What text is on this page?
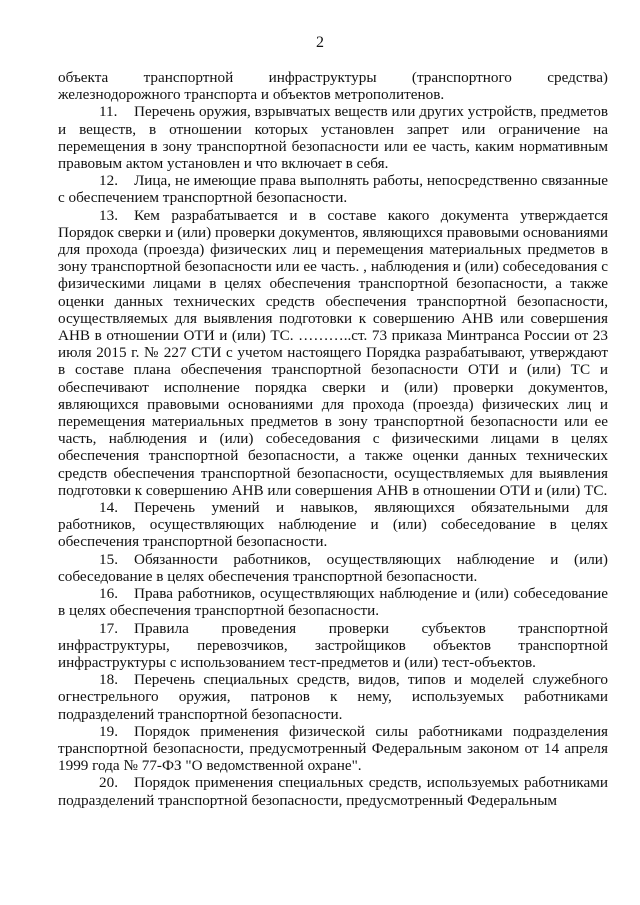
2

объекта транспортной инфраструктуры (транспортного средства) железнодорожного транспорта и объектов метрополитенов.

11. Перечень оружия, взрывчатых веществ или других устройств, предметов и веществ, в отношении которых установлен запрет или ограничение на перемещения в зону транспортной безопасности или ее часть, каким нормативным правовым актом установлен и что включает в себя.

12. Лица, не имеющие права выполнять работы, непосредственно связанные с обеспечением транспортной безопасности.

13. Кем разрабатывается и в составе какого документа утверждается Порядок сверки и (или) проверки документов, являющихся правовыми основаниями для прохода (проезда) физических лиц и перемещения материальных предметов в зону транспортной безопасности или ее часть. , наблюдения и (или) собеседования с физическими лицами в целях обеспечения транспортной безопасности, а также оценки данных технических средств обеспечения транспортной безопасности, осуществляемых для выявления подготовки к совершению АНВ или совершения АНВ в отношении ОТИ и (или) ТС. ………..ст. 73 приказа Минтранса России от 23 июля 2015 г. № 227 СТИ с учетом настоящего Порядка разрабатывают, утверждают в составе плана обеспечения транспортной безопасности ОТИ и (или) ТС и обеспечивают исполнение порядка сверки и (или) проверки документов, являющихся правовыми основаниями для прохода (проезда) физических лиц и перемещения материальных предметов в зону транспортной безопасности или ее часть, наблюдения и (или) собеседования с физическими лицами в целях обеспечения транспортной безопасности, а также оценки данных технических средств обеспечения транспортной безопасности, осуществляемых для выявления подготовки к совершению АНВ или совершения АНВ в отношении ОТИ и (или) ТС.

14. Перечень умений и навыков, являющихся обязательными для работников, осуществляющих наблюдение и (или) собеседование в целях обеспечения транспортной безопасности.

15. Обязанности работников, осуществляющих наблюдение и (или) собеседование в целях обеспечения транспортной безопасности.

16. Права работников, осуществляющих наблюдение и (или) собеседование в целях обеспечения транспортной безопасности.

17. Правила проведения проверки субъектов транспортной инфраструктуры, перевозчиков, застройщиков объектов транспортной инфраструктуры с использованием тест-предметов и (или) тест-объектов.

18. Перечень специальных средств, видов, типов и моделей служебного огнестрельного оружия, патронов к нему, используемых работниками подразделений транспортной безопасности.

19. Порядок применения физической силы работниками подразделения транспортной безопасности, предусмотренный Федеральным законом от 14 апреля 1999 года № 77-ФЗ "О ведомственной охране".

20. Порядок применения специальных средств, используемых работниками подразделений транспортной безопасности, предусмотренный Федеральным
